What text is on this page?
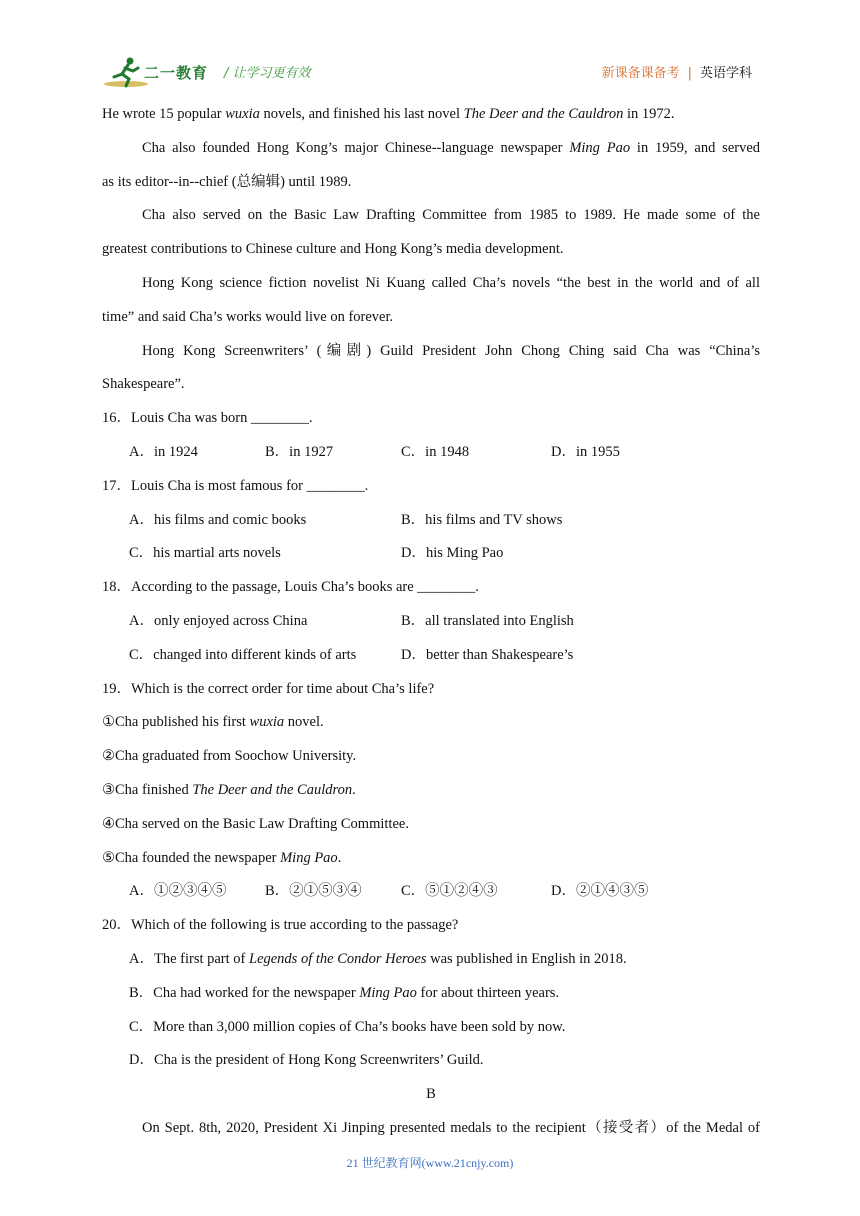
二一教育 / 让学习更有效	新课备课备考 | 英语学科
He wrote 15 popular wuxia novels, and finished his last novel The Deer and the Cauldron in 1972.
Cha also founded Hong Kong’s major Chinese--language newspaper Ming Pao in 1959, and served
as its editor--in--chief (总编辑) until 1989.
Cha also served on the Basic Law Drafting Committee from 1985 to 1989. He made some of the
greatest contributions to Chinese culture and Hong Kong’s media development.
Hong Kong science fiction novelist Ni Kuang called Cha’s novels “the best in the world and of all
time” and said Cha’s works would live on forever.
Hong Kong Screenwriters’ (编剧) Guild President John Chong Ching said Cha was “China’s
Shakespeare”.
16．Louis Cha was born ________.
A．in 1924	B．in 1927	C．in 1948	D．in 1955
17．Louis Cha is most famous for ________.
A．his films and comic books	B．his films and TV shows
C．his martial arts novels	D．his Ming Pao
18．According to the passage, Louis Cha’s books are ________.
A．only enjoyed across China	B．all translated into English
C．changed into different kinds of arts	D．better than Shakespeare’s
19．Which is the correct order for time about Cha’s life?
①Cha published his first wuxia novel.
②Cha graduated from Soochow University.
③Cha finished The Deer and the Cauldron.
④Cha served on the Basic Law Drafting Committee.
⑤Cha founded the newspaper Ming Pao.
A．①②③④⑤	B．②①⑤③④	C．⑤①②④③	D．②①④③⑤
20．Which of the following is true according to the passage?
A．The first part of Legends of the Condor Heroes was published in English in 2018.
B．Cha had worked for the newspaper Ming Pao for about thirteen years.
C．More than 3,000 million copies of Cha’s books have been sold by now.
D．Cha is the president of Hong Kong Screenwriters’ Guild.
B
On Sept. 8th, 2020, President Xi Jinping presented medals to the recipient（接受者）of the Medal of
21 世纪教育网(www.21cnjy.com)
